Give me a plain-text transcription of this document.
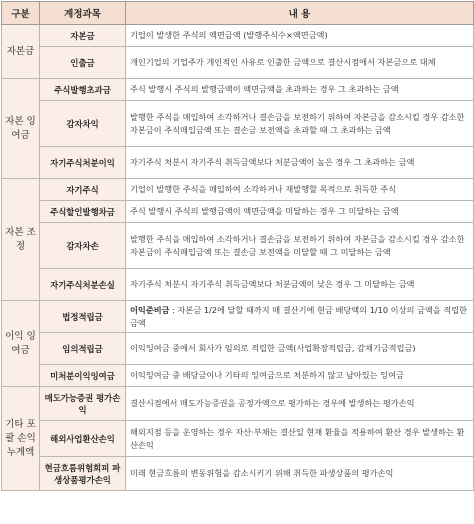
구분	계정과목	내 용
자본금	자본금	기업이 발생한 주식의 액면금액 (발행주식수×액면금액)
	인출금	개인기업의 기업주가 개인적인 사유로 인출한 금액으로 결산시점에서 자본금으로 대체
자본 잉여금	주식발행초과금	주식 발행시 주식의 발행금액이 액면금액을 초과하는 경우 그 초과하는 금액
	감자차익	발행한 주식을 매입하여 소각하거나 결손금을 보전하기 위하여 자본금을 감소시킬 경우 감소한 자본금이 주식매입금액 또는 결손금 보전액을 초과할 때 그 초과하는 금액
	자기주식처분이익	자기주식 처분시 자기주식 취득금액보다 처분금액이 높은 경우 그 초과하는 금액
자본 조정	자기주식	기업이 발행한 주식을 매입하여 소각하거나 재발행할 목적으로 취득한 주식
	주식할인발행차금	주식 발행시 주식의 발행금액이 액면금액을 미달하는 경우 그 미달하는 금액
	감자차손	발행한 주식을 매입하여 소각하거나 결손금을 보전하기 위하여 자본금을 감소시킬 경우 감소한 자본금이 주식매입금액 또는 결손금 보전액을 미달할 때 그 미달하는 금액
	자기주식처분손실	자기주식 처분시 자기주식 취득금액보다 처분금액이 낮은 경우 그 미달하는 금액
이익 잉여금	법정적립금	이익준비금 : 자본금 1/2에 달할 때까지 매 결산기에 현금 배당액의 1/10 이상의 금액을 적립한 금액
	임의적립금	이익잉여금 중에서 회사가 임의로 적립한 금액(사업확장적립금, 감채기금적립금)
	미처분이익잉여금	이익잉여금 중 배당금이나 기타의 잉여금으로 처분하지 않고 남아있는 잉여금
기타 포괄 손익 누계액	매도가능증권 평가손익	결산시점에서 매도가능증권을 공정가액으로 평가하는 경우에 발생하는 평가손익
	해외사업환산손익	해외지점 등을 운영하는 경우 자산·부채는 결산일 현재 환율을 적용하여 환산 경우 발생하는 환산손익
	현금흐름위험회피 파생상품평가손익	미래 현금흐름의 변동위험을 감소시키기 위해 취득한 파생상품의 평가손익
